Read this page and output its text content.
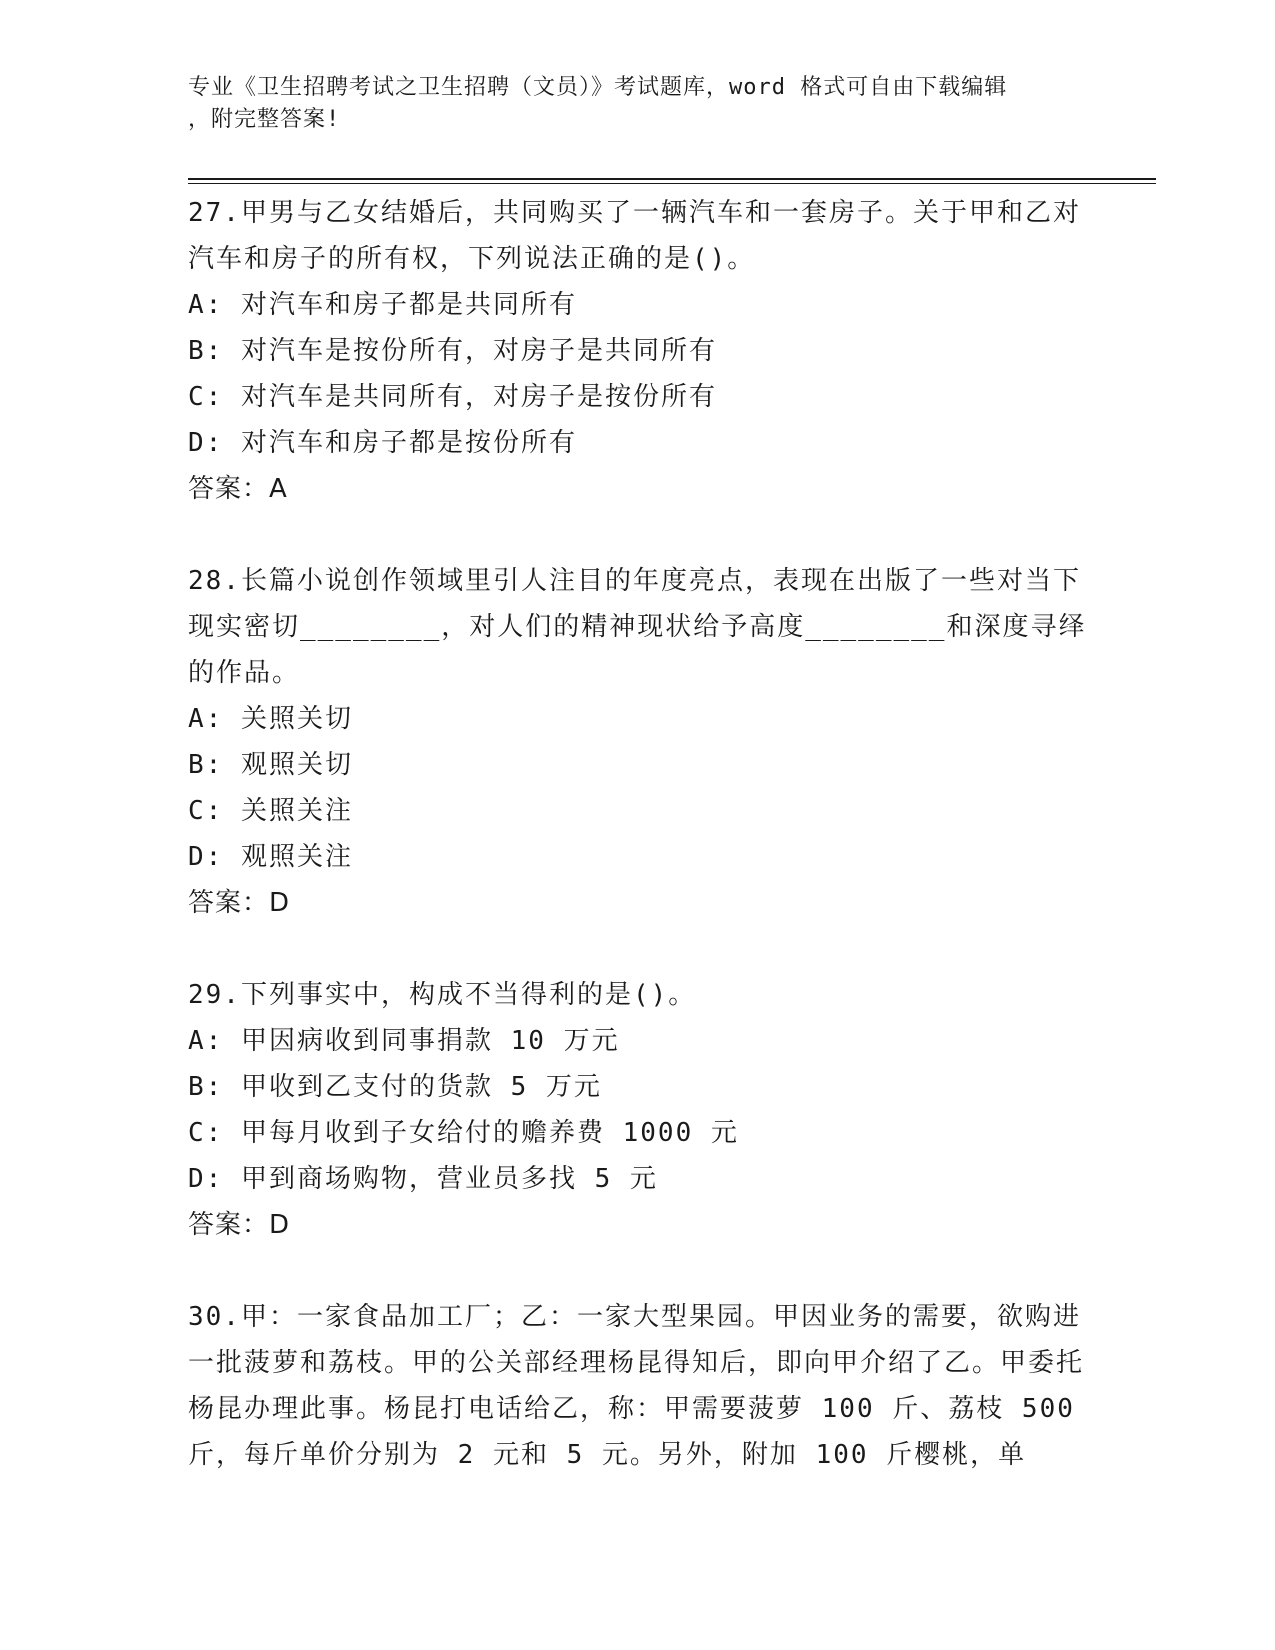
专业《卫生招聘考试之卫生招聘（文员）》考试题库，word 格式可自由下载编辑
，附完整答案!
27.甲男与乙女结婚后，共同购买了一辆汽车和一套房子。关于甲和乙对汽车和房子的所有权，下列说法正确的是()。
A: 对汽车和房子都是共同所有
B: 对汽车是按份所有，对房子是共同所有
C: 对汽车是共同所有，对房子是按份所有
D: 对汽车和房子都是按份所有
答案：A
28.长篇小说创作领域里引人注目的年度亮点，表现在出版了一些对当下现实密切________，对人们的精神现状给予高度________和深度寻绎的作品。
A: 关照关切
B: 观照关切
C: 关照关注
D: 观照关注
答案：D
29.下列事实中，构成不当得利的是()。
A: 甲因病收到同事捐款 10 万元
B: 甲收到乙支付的货款 5 万元
C: 甲每月收到子女给付的赡养费 1000 元
D: 甲到商场购物，营业员多找 5 元
答案：D
30.甲：一家食品加工厂；乙：一家大型果园。甲因业务的需要，欲购进一批菠萝和荔枝。甲的公关部经理杨昆得知后，即向甲介绍了乙。甲委托杨昆办理此事。杨昆打电话给乙，称：甲需要菠萝 100 斤、荔枝 500 斤，每斤单价分别为 2 元和 5 元。另外，附加 100 斤樱桃，单
